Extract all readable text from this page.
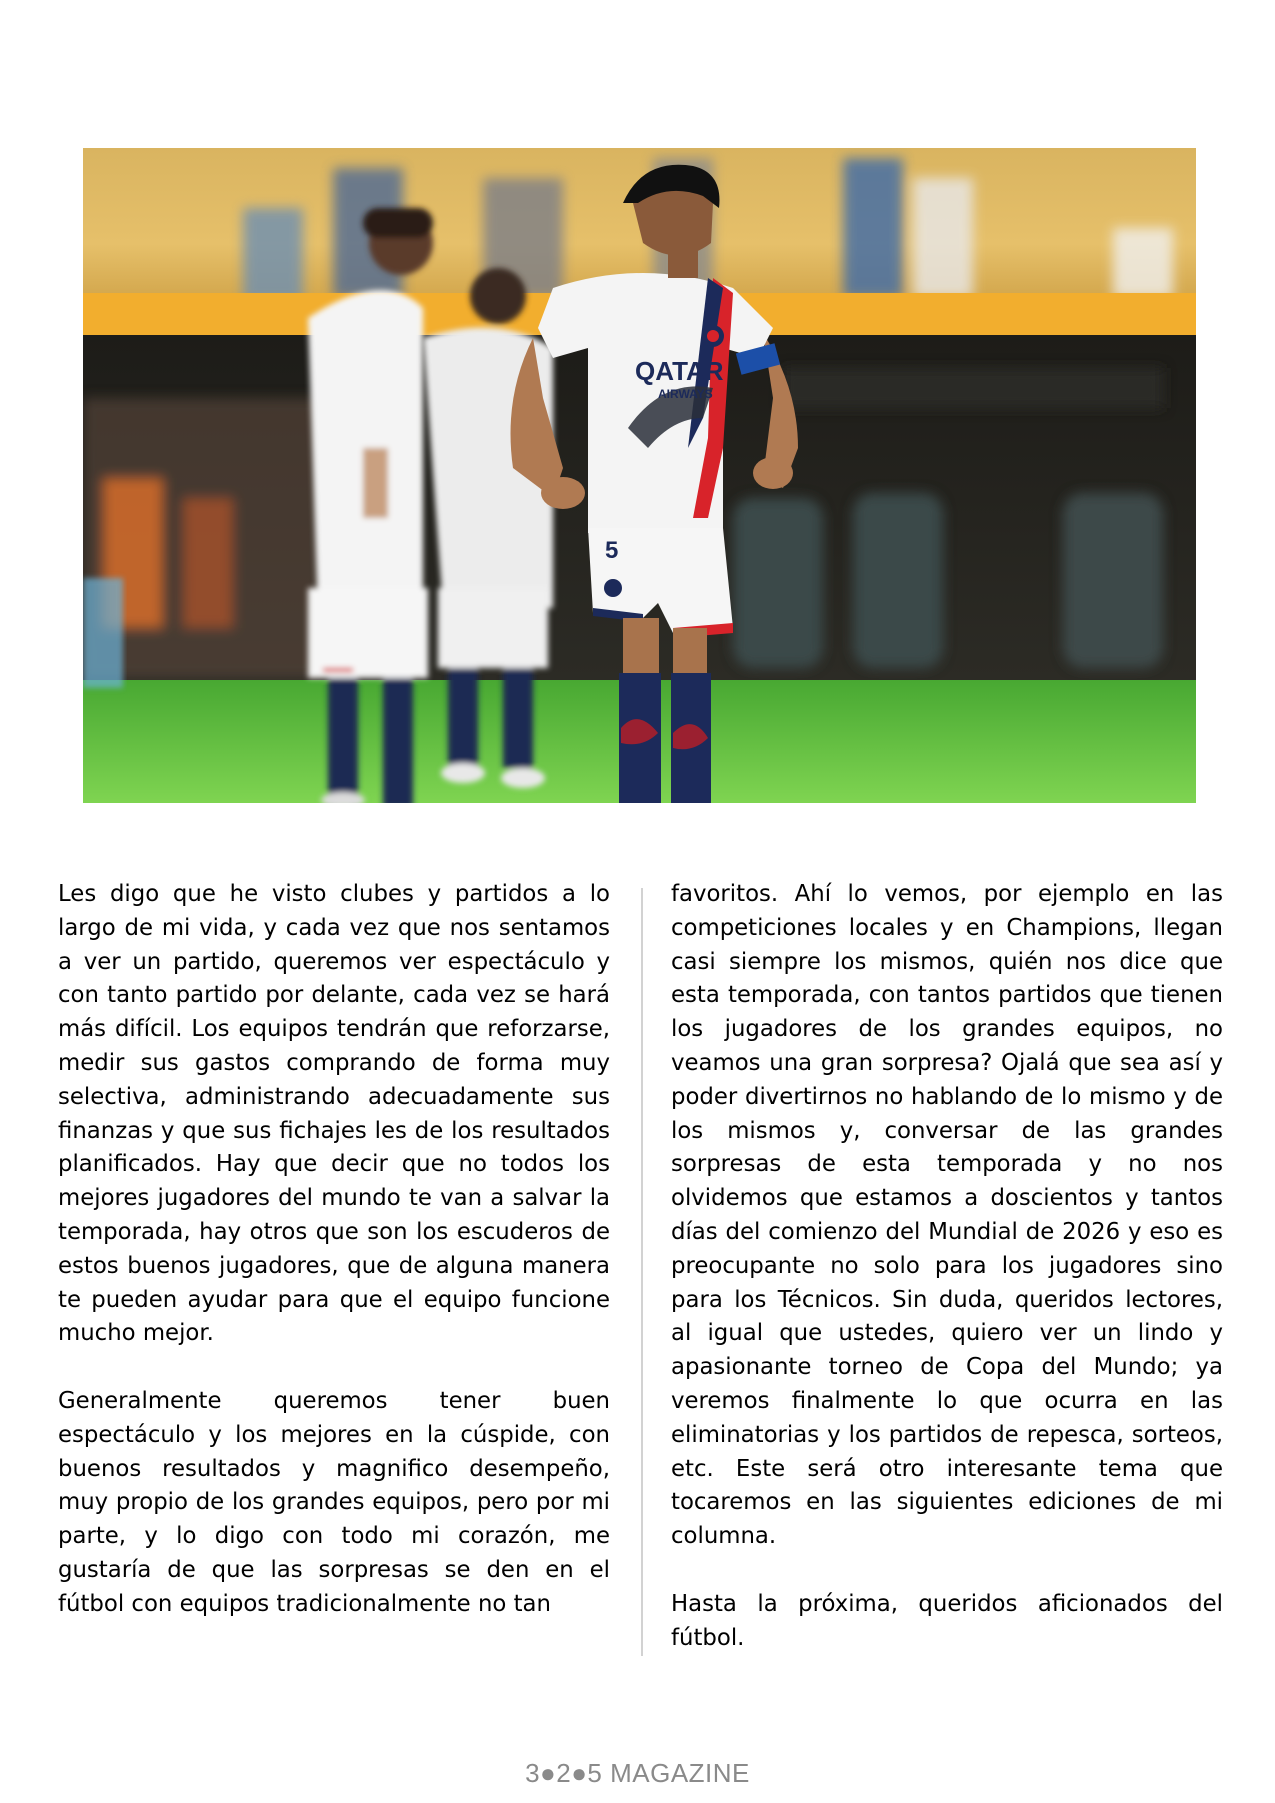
QATAR
AIRWAYS
5

Les digo que he visto clubes y partidos a lo largo de mi vida, y cada vez que nos sentamos a ver un partido, queremos ver espectáculo y con tanto partido por delante, cada vez se hará más difícil. Los equipos tendrán que reforzarse, medir sus gastos comprando de forma muy selectiva, administrando adecuadamente sus finanzas y que sus fichajes les de los resultados planificados. Hay que decir que no todos los mejores jugadores del mundo te van a salvar la temporada, hay otros que son los escuderos de estos buenos jugadores, que de alguna manera te pueden ayudar para que el equipo funcione mucho mejor.

Generalmente queremos tener buen espectáculo y los mejores en la cúspide, con buenos resultados y magnifico desempeño, muy propio de los grandes equipos, pero por mi parte, y lo digo con todo mi corazón, me gustaría de que las sorpresas se den en el fútbol con equipos tradicionalmente no tan

favoritos. Ahí lo vemos, por ejemplo en las competiciones locales y en Champions, llegan casi siempre los mismos, quién nos dice que esta temporada, con tantos partidos que tienen los jugadores de los grandes equipos, no veamos una gran sorpresa? Ojalá que sea así y poder divertirnos no hablando de lo mismo y de los mismos y, conversar de las grandes sorpresas de esta temporada y no nos olvidemos que estamos a doscientos y tantos días del comienzo del Mundial de 2026 y eso es preocupante no solo para los jugadores sino para los Técnicos. Sin duda, queridos lectores, al igual que ustedes, quiero ver un lindo y apasionante torneo de Copa del Mundo; ya veremos finalmente lo que ocurra en las eliminatorias y los partidos de repesca, sorteos, etc. Este será otro interesante tema que tocaremos en las siguientes ediciones de mi columna.

Hasta la próxima, queridos aficionados del fútbol.

3●2●5 MAGAZINE
